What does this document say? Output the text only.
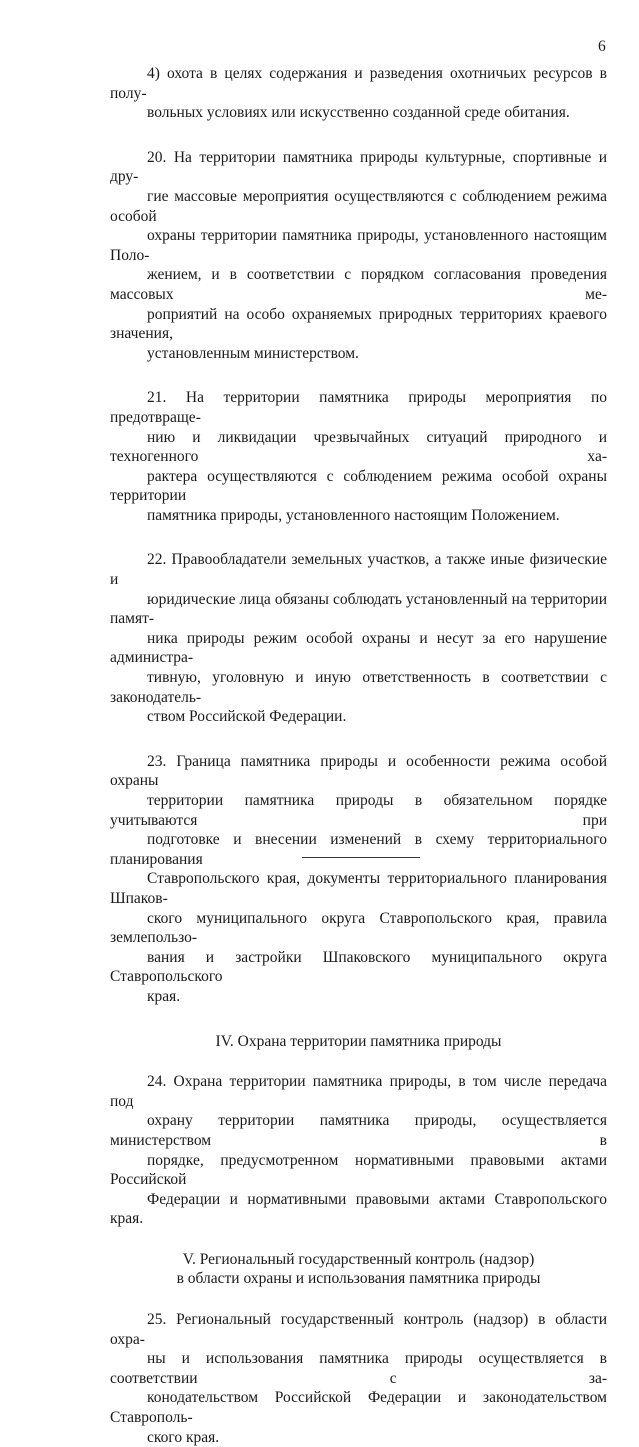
6

4) охота в целях содержания и разведения охотничьих ресурсов в полу-
вольных условиях или искусственно созданной среде обитания.

20. На территории памятника природы культурные, спортивные и дру-
гие массовые мероприятия осуществляются с соблюдением режима особой
охраны территории памятника природы, установленного настоящим Поло-
жением, и в соответствии с порядком согласования проведения массовых ме-
роприятий на особо охраняемых природных территориях краевого значения,
установленным министерством.

21. На территории памятника природы мероприятия по предотвраще-
нию и ликвидации чрезвычайных ситуаций природного и техногенного ха-
рактера осуществляются с соблюдением режима особой охраны территории
памятника природы, установленного настоящим Положением.

22. Правообладатели земельных участков, а также иные физические и
юридические лица обязаны соблюдать установленный на территории памят-
ника природы режим особой охраны и несут за его нарушение администра-
тивную, уголовную и иную ответственность в соответствии с законодатель-
ством Российской Федерации.

23. Граница памятника природы и особенности режима особой охраны
территории памятника природы в обязательном порядке учитываются при
подготовке и внесении изменений в схему территориального планирования
Ставропольского края, документы территориального планирования Шпаков-
ского муниципального округа Ставропольского края, правила землепользо-
вания и застройки Шпаковского муниципального округа Ставропольского
края.

IV. Охрана территории памятника природы

24. Охрана территории памятника природы, в том числе передача под
охрану территории памятника природы, осуществляется министерством в
порядке, предусмотренном нормативными правовыми актами Российской
Федерации и нормативными правовыми актами Ставропольского края.

V. Региональный государственный контроль (надзор)
в области охраны и использования памятника природы

25. Региональный государственный контроль (надзор) в области охра-
ны и использования памятника природы осуществляется в соответствии с за-
конодательством Российской Федерации и законодательством Ставрополь-
ского края.
